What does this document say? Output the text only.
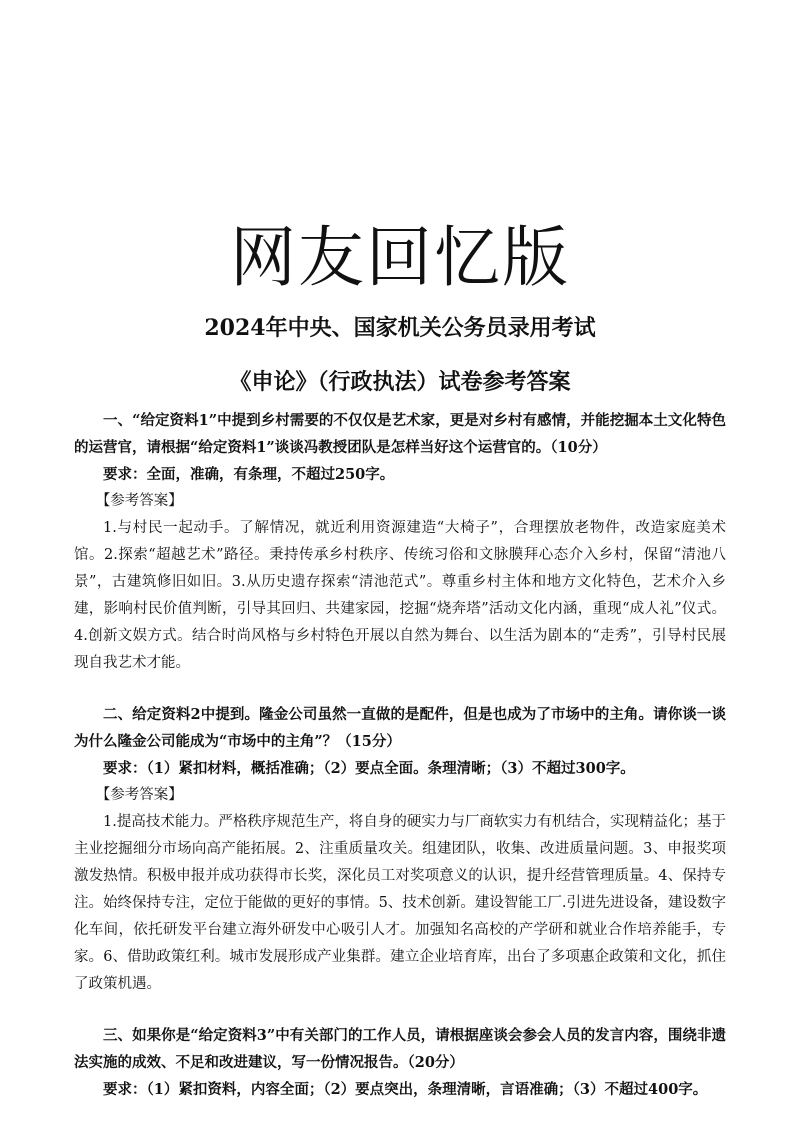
网友回忆版
2024年中央、国家机关公务员录用考试
《申论》（行政执法）试卷参考答案

一、“给定资料1”中提到乡村需要的不仅仅是艺术家，更是对乡村有感情，并能挖掘本土文化特色的运营官，请根据“给定资料1”谈谈冯教授团队是怎样当好这个运营官的。（10分）

要求：全面，准确，有条理，不超过250字。

【参考答案】

1.与村民一起动手。了解情况，就近利用资源建造“大椅子”，合理摆放老物件，改造家庭美术馆。2.探索“超越艺术”路径。秉持传承乡村秩序、传统习俗和文脉膜拜心态介入乡村，保留“清池八景”，古建筑修旧如旧。3.从历史遗存探索“清池范式”。尊重乡村主体和地方文化特色，艺术介入乡建，影响村民价值判断，引导其回归、共建家园，挖掘“烧奔塔”活动文化内涵，重现“成人礼”仪式。4.创新文娱方式。结合时尚风格与乡村特色开展以自然为舞台、以生活为剧本的“走秀”，引导村民展现自我艺术才能。

二、给定资料2中提到。隆金公司虽然一直做的是配件，但是也成为了市场中的主角。请你谈一谈为什么隆金公司能成为“市场中的主角”？（15分）

要求：（1）紧扣材料，概括准确；（2）要点全面。条理清晰；（3）不超过300字。

【参考答案】

1.提高技术能力。严格秩序规范生产，将自身的硬实力与厂商软实力有机结合，实现精益化；基于主业挖掘细分市场向高产能拓展。2、注重质量攻关。组建团队，收集、改进质量问题。3、申报奖项激发热情。积极申报并成功获得市长奖，深化员工对奖项意义的认识，提升经营管理质量。4、保持专注。始终保持专注，定位于能做的更好的事情。5、技术创新。建设智能工厂.引进先进设备，建设数字化车间，依托研发平台建立海外研发中心吸引人才。加强知名高校的产学研和就业合作培养能手，专家。6、借助政策红利。城市发展形成产业集群。建立企业培育库，出台了多项惠企政策和文化，抓住了政策机遇。

三、如果你是“给定资料3”中有关部门的工作人员，请根据座谈会参会人员的发言内容，围绕非遗法实施的成效、不足和改进建议，写一份情况报告。（20分）

要求：（1）紧扣资料，内容全面；（2）要点突出，条理清晰，言语准确；（3）不超过400字。
